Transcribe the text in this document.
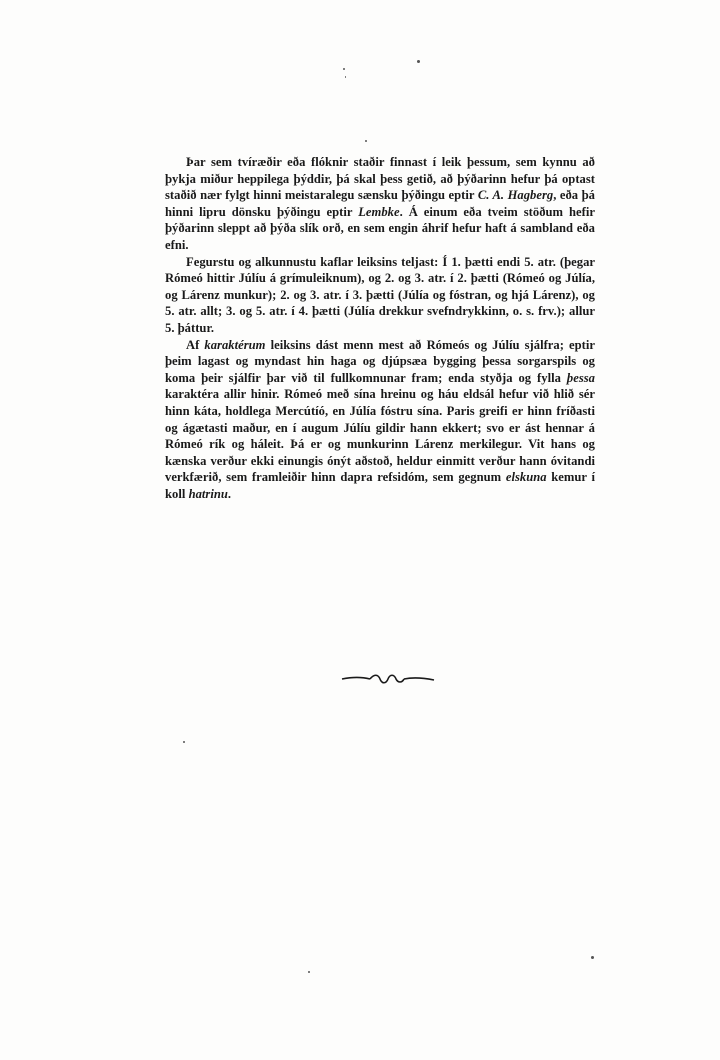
Þar sem tvíræðir eða flóknir staðir finnast í leik þessum, sem kynnu að þykja miður heppilega þýddir, þá skal þess getið, að þýðarinn hefur þá optast staðið nær fylgt hinni meistaralegu sænsku þýðingu eptir C. A. Hagberg, eða þá hinni lipru dönsku þýðingu eptir Lembke. Á einum eða tveim stöðum hefir þýðarinn sleppt að þýða slík orð, en sem engin áhrif hefur haft á sambland eða efni.

Fegurstu og alkunnustu kaflar leiksins teljast: Í 1. þætti endi 5. atr. (þegar Rómeó hittir Júlíu á grímuleiknum), og 2. og 3. atr. í 2. þætti (Rómeó og Júlía, og Lárenz munkur); 2. og 3. atr. í 3. þætti (Júlía og fóstran, og hjá Lárenz), og 5. atr. allt; 3. og 5. atr. í 4. þætti (Júlía drekkur svefndrykkinn, o. s. frv.); allur 5. þáttur.

Af karaktérum leiksins dást menn mest að Rómeós og Júlíu sjálfra; eptir þeim lagast og myndast hin haga og djúpsæa bygging þessa sorgarspils og koma þeir sjálfir þar við til fullkomnunar fram; enda styðja og fylla þessa karaktéra allir hinir. Rómeó með sína hreinu og háu eldsál hefur við hlið sér hinn káta, holdlega Mercútíó, en Júlía fóstru sína. Paris greifi er hinn fríðasti og ágætasti maður, en í augum Júlíu gildir hann ekkert; svo er ást hennar á Rómeó rík og háleit. Þá er og munkurinn Lárenz merkilegur. Vit hans og kænska verður ekki einungis ónýt aðstoð, heldur einmitt verður hann óvitandi verkfærið, sem framleiðir hinn dapra refsidóm, sem gegnum elskuna kemur í koll hatrinu.
